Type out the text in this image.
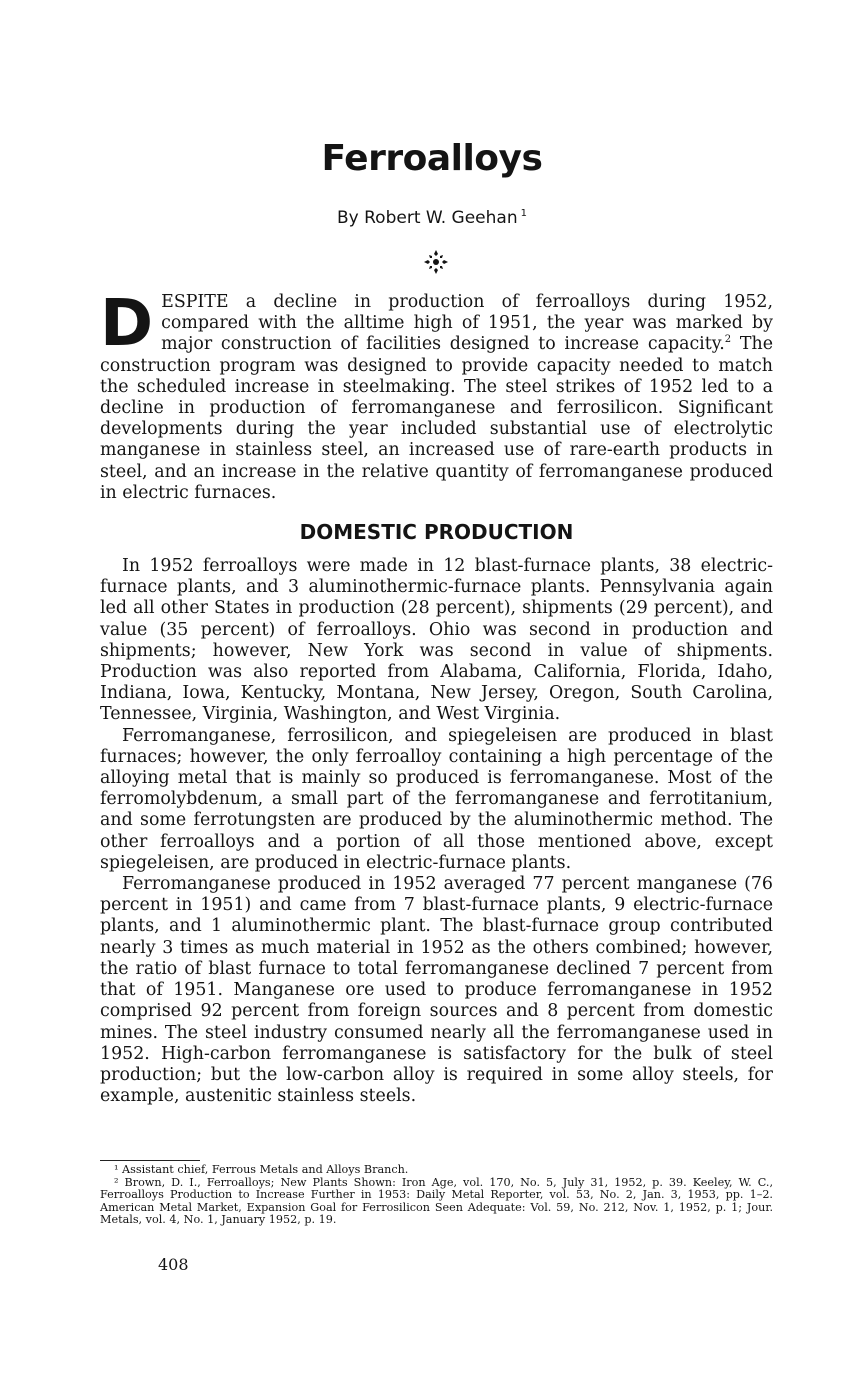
Ferroalloys

By Robert W. Geehan $^1$

DESPITE a decline in production of ferroalloys during 1952, compared with the alltime high of 1951, the year was marked by major construction of facilities designed to increase capacity.$^2$ The construction program was designed to provide capacity needed to match the scheduled increase in steelmaking. The steel strikes of 1952 led to a decline in production of ferromanganese and ferrosilicon. Significant developments during the year included substantial use of electrolytic manganese in stainless steel, an increased use of rare-earth products in steel, and an increase in the relative quantity of ferromanganese produced in electric furnaces.

DOMESTIC PRODUCTION

In 1952 ferroalloys were made in 12 blast-furnace plants, 38 electric-furnace plants, and 3 aluminothermic-furnace plants. Pennsylvania again led all other States in production (28 percent), shipments (29 percent), and value (35 percent) of ferroalloys. Ohio was second in production and shipments; however, New York was second in value of shipments. Production was also reported from Alabama, California, Florida, Idaho, Indiana, Iowa, Kentucky, Montana, New Jersey, Oregon, South Carolina, Tennessee, Virginia, Washington, and West Virginia.

Ferromanganese, ferrosilicon, and spiegeleisen are produced in blast furnaces; however, the only ferroalloy containing a high percentage of the alloying metal that is mainly so produced is ferromanganese. Most of the ferromolybdenum, a small part of the ferromanganese and ferrotitanium, and some ferrotungsten are produced by the aluminothermic method. The other ferroalloys and a portion of all those mentioned above, except spiegeleisen, are produced in electric-furnace plants.

Ferromanganese produced in 1952 averaged 77 percent manganese (76 percent in 1951) and came from 7 blast-furnace plants, 9 electric-furnace plants, and 1 aluminothermic plant. The blast-furnace group contributed nearly 3 times as much material in 1952 as the others combined; however, the ratio of blast furnace to total ferromanganese declined 7 percent from that of 1951. Manganese ore used to produce ferromanganese in 1952 comprised 92 percent from foreign sources and 8 percent from domestic mines. The steel industry consumed nearly all the ferromanganese used in 1952. High-carbon ferromanganese is satisfactory for the bulk of steel production; but the low-carbon alloy is required in some alloy steels, for example, austenitic stainless steels.

¹ Assistant chief, Ferrous Metals and Alloys Branch.

² Brown, D. I., Ferroalloys; New Plants Shown: Iron Age, vol. 170, No. 5, July 31, 1952, p. 39. Keeley, W. C., Ferroalloys Production to Increase Further in 1953: Daily Metal Reporter, vol. 53, No. 2, Jan. 3, 1953, pp. 1–2. American Metal Market, Expansion Goal for Ferrosilicon Seen Adequate: Vol. 59, No. 212, Nov. 1, 1952, p. 1; Jour. Metals, vol. 4, No. 1, January 1952, p. 19.

408
